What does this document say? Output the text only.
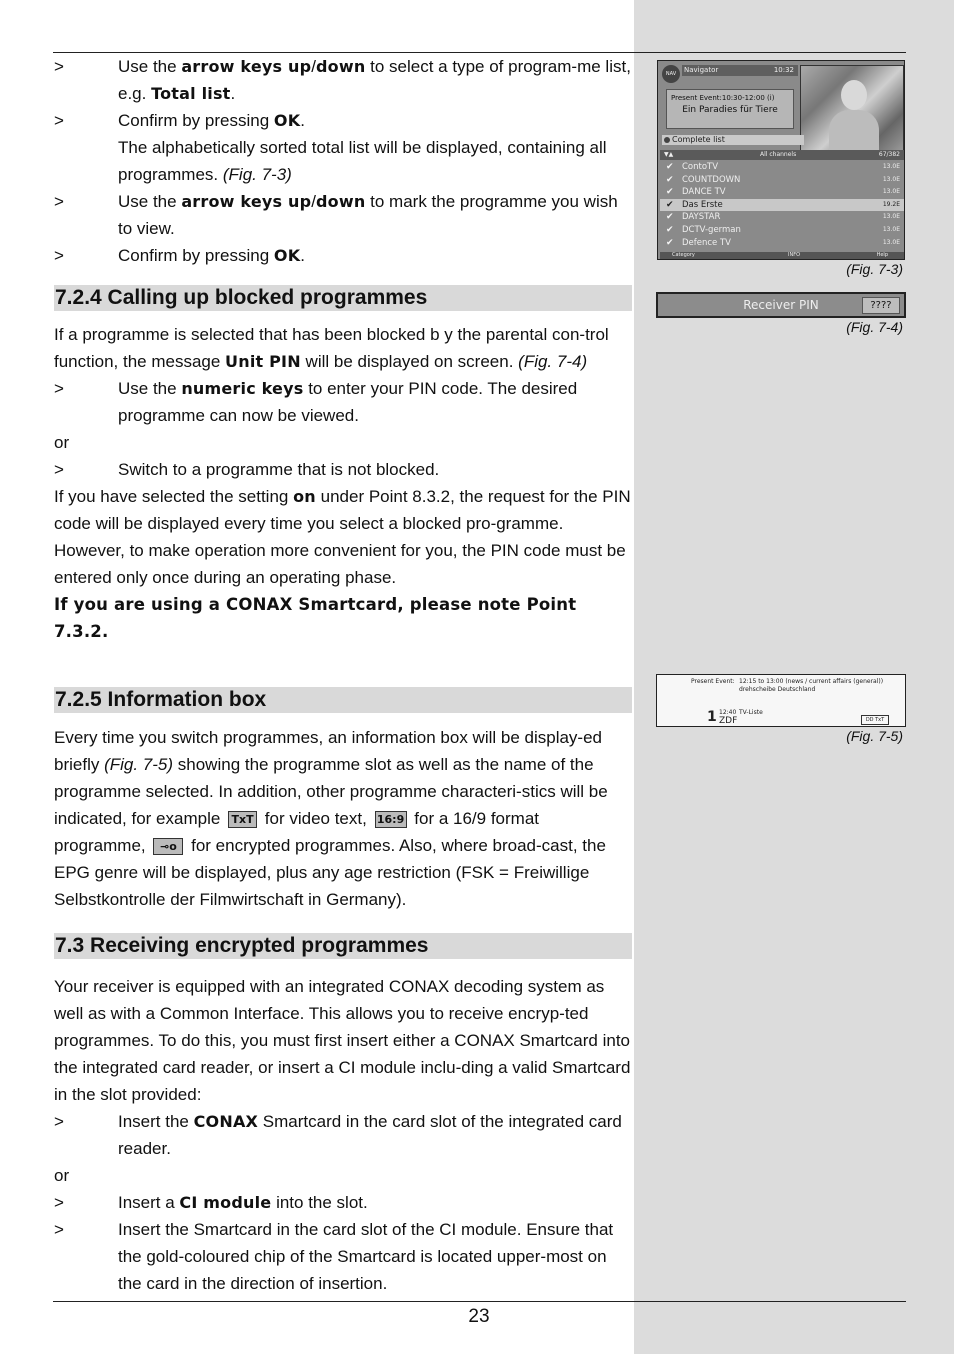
>	Use the arrow keys up/down to select a type of program-me list, e.g. Total list.
>	Confirm by pressing OK.
The alphabetically sorted total list will be displayed, containing all programmes. (Fig. 7-3)
>	Use the arrow keys up/down to mark the programme you wish to view.
>	Confirm by pressing OK.
7.2.4 Calling up blocked programmes

If a programme is selected that has been blocked b y the parental con-trol function, the message Unit PIN will be displayed on screen. (Fig. 7-4)

>	Use the numeric keys to enter your PIN code. The desired programme can now be viewed.

or

>	Switch to a programme that is not blocked.

If you have selected the setting on under Point 8.3.2, the request for the PIN code will be displayed every time you select a blocked pro-gramme. However, to make operation more convenient for you, the PIN code must be entered only once during an operating phase.

If you are using a CONAX Smartcard, please note Point 7.3.2.

7.2.5 Information box

Every time you switch programmes, an information box will be display-ed briefly (Fig. 7-5) showing the programme slot as well as the name of the programme selected. In addition, other programme characteri-stics will be indicated, for example TxT for video text, 16:9 for a 16/9 format programme, ⊸o for encrypted programmes. Also, where broad-cast, the EPG genre will be displayed, plus any age restriction (FSK = Freiwillige Selbstkontrolle der Filmwirtschaft in Germany).

7.3 Receiving encrypted programmes

Your receiver is equipped with an integrated CONAX decoding system as well as with a Common Interface. This allows you to receive encryp-ted programmes. To do this, you must first insert either a CONAX Smartcard into the integrated card reader, or insert a CI module inclu-ding a valid Smartcard in the slot provided:

>	Insert the CONAX Smartcard in the card slot of the integrated card reader.

or

>	Insert a CI module into the slot.
>	Insert the Smartcard in the card slot of the CI module. Ensure that the gold-coloured chip of the Smartcard is located upper-most on the card in the direction of insertion.
NAV	Navigator	10:32
Present Event:10:30-12:00 (i)
Ein Paradies für Tiere
Complete list
▼▲	All channels	67/382
✔ ContoTV	13.0E
✔ COUNTDOWN	13.0E
✔ DANCE TV	13.0E
✔ Das Erste	19.2E
✔ DAYSTAR	13.0E
✔ DCTV-german	13.0E
✔ Defence TV	13.0E
Category	INFO	Help
(Fig. 7-3)
Receiver PIN	????
(Fig. 7-4)
Present Event: 12:15 to 13:00 (news / current affairs (general))
drehscheibe Deutschland
1 12:40 TV-Liste
ZDF	DD TxT
(Fig. 7-5)
23
